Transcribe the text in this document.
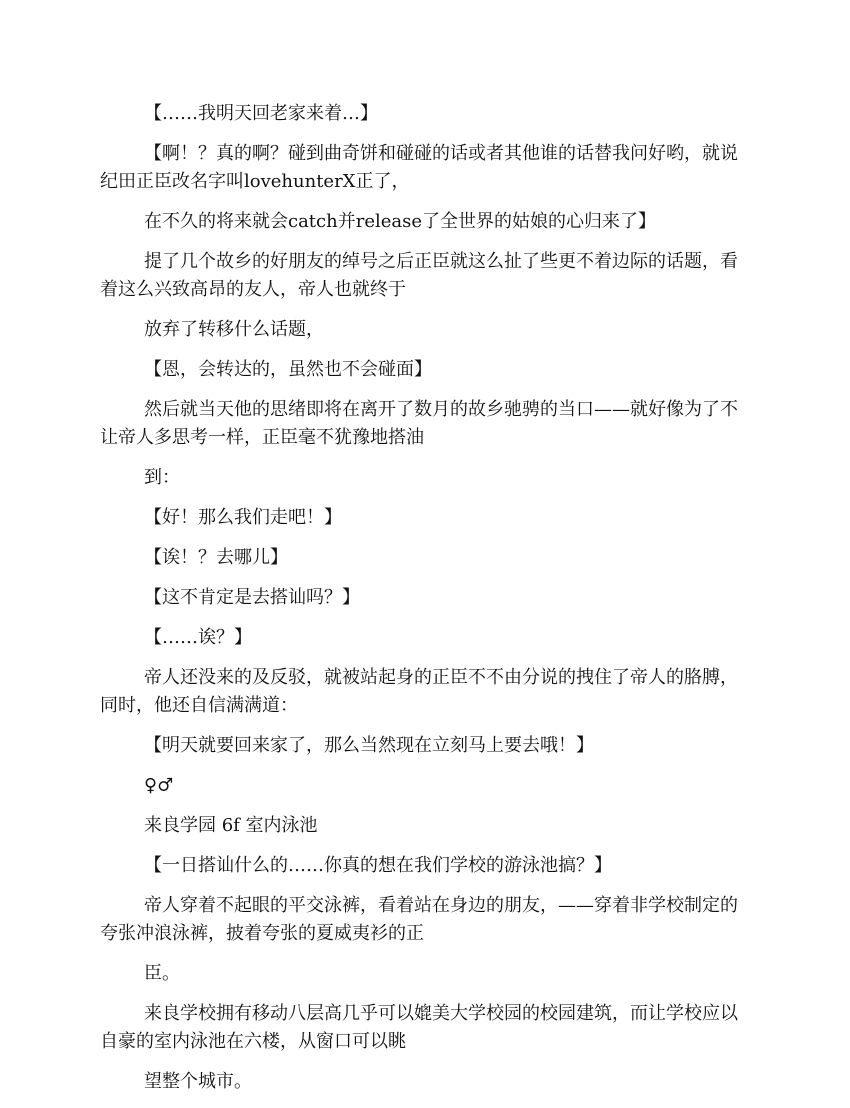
【……我明天回老家来着…】

【啊！？真的啊？碰到曲奇饼和碰碰的话或者其他谁的话替我问好哟，就说纪田正臣改名字叫lovehunterX正了，

在不久的将来就会catch并release了全世界的姑娘的心归来了】

提了几个故乡的好朋友的绰号之后正臣就这么扯了些更不着边际的话题，看着这么兴致高昂的友人，帝人也就终于

放弃了转移什么话题，

【恩，会转达的，虽然也不会碰面】

然后就当天他的思绪即将在离开了数月的故乡驰骋的当口——就好像为了不让帝人多思考一样，正臣毫不犹豫地搭油

到：

【好！那么我们走吧！】

【诶！？去哪儿】

【这不肯定是去搭讪吗？】

【……诶？】

帝人还没来的及反驳，就被站起身的正臣不不由分说的拽住了帝人的胳膊，同时，他还自信满满道：

【明天就要回来家了，那么当然现在立刻马上要去哦！】

♀♂

来良学园 6f 室内泳池

【一日搭讪什么的……你真的想在我们学校的游泳池搞？】

帝人穿着不起眼的平交泳裤，看着站在身边的朋友，——穿着非学校制定的夸张冲浪泳裤，披着夸张的夏威夷衫的正

臣。

来良学校拥有移动八层高几乎可以媲美大学校园的校园建筑，而让学校应以自豪的室内泳池在六楼，从窗口可以眺

望整个城市。
